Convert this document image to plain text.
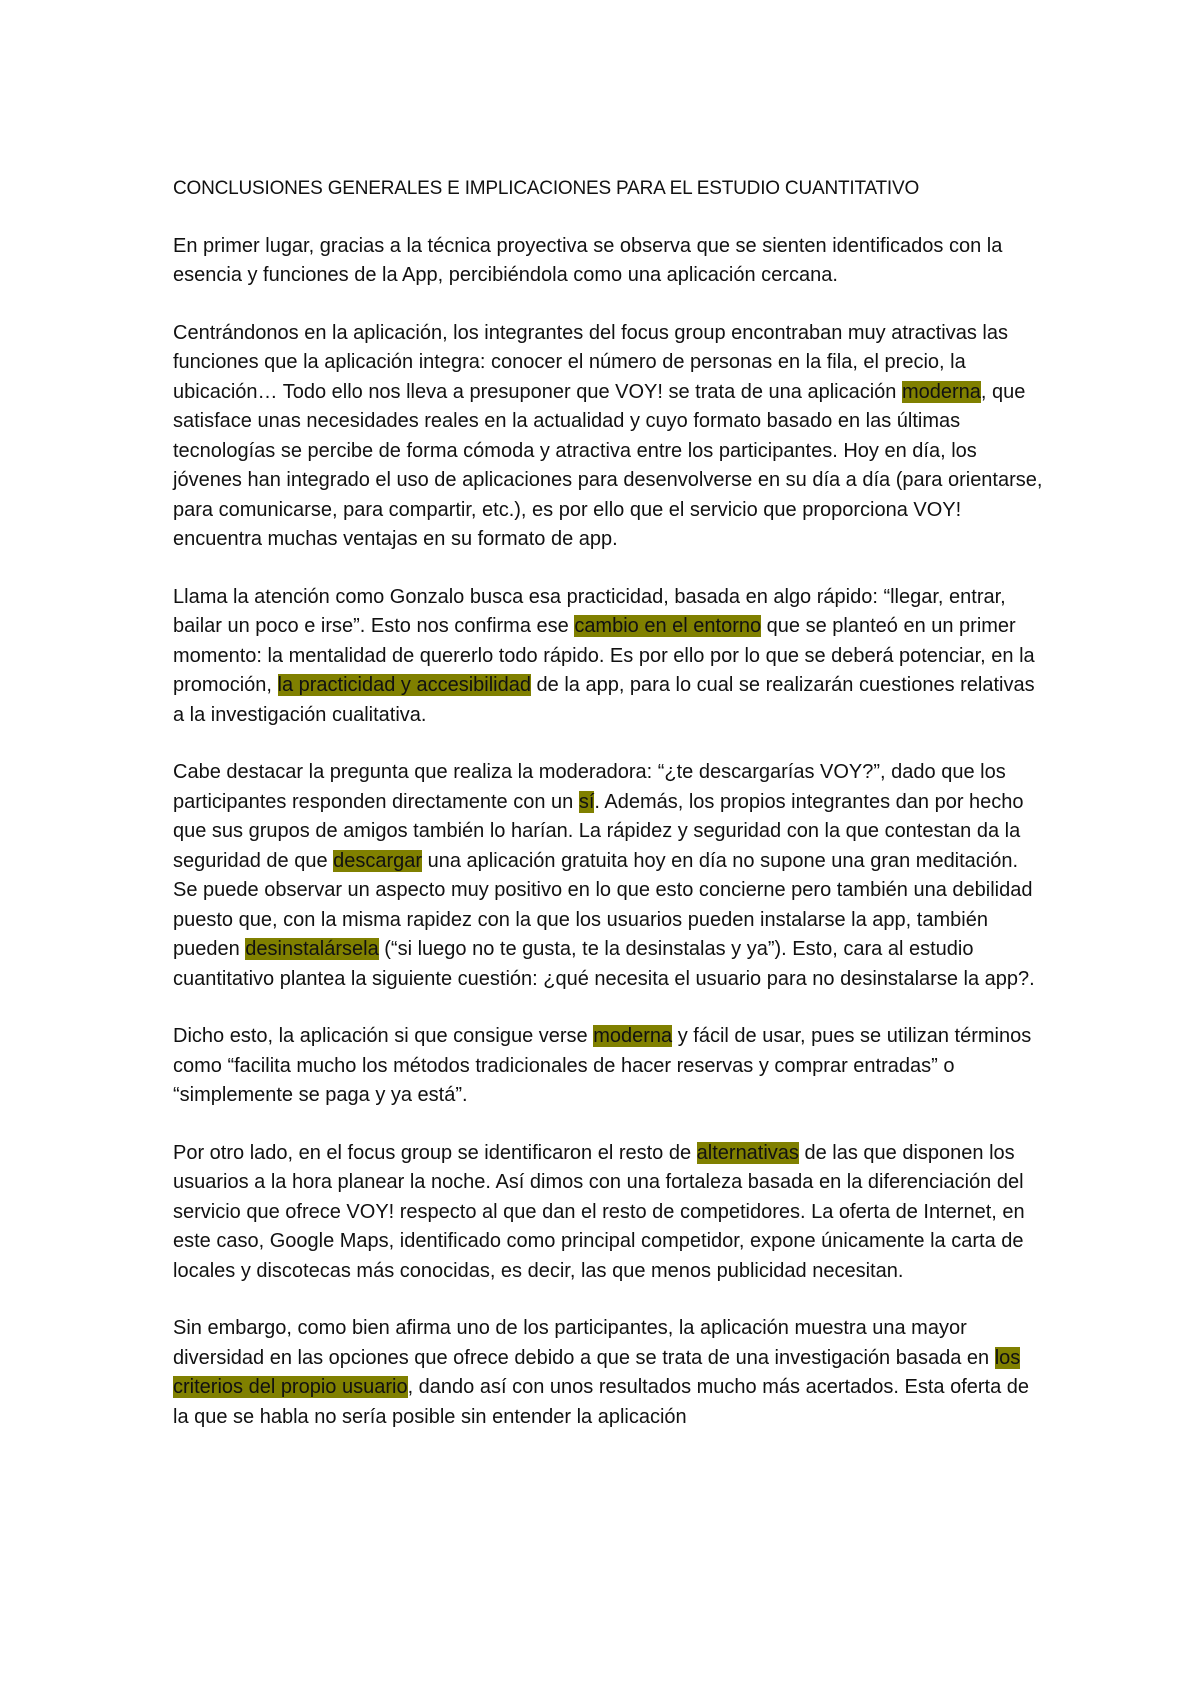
CONCLUSIONES GENERALES E IMPLICACIONES PARA EL ESTUDIO CUANTITATIVO

En primer lugar, gracias a la técnica proyectiva se observa que se sienten identificados con la esencia y funciones de la App, percibiéndola como una aplicación cercana.

Centrándonos en la aplicación, los integrantes del focus group encontraban muy atractivas las funciones que la aplicación integra: conocer el número de personas en la fila, el precio, la ubicación… Todo ello nos lleva a presuponer que VOY! se trata de una aplicación moderna, que satisface unas necesidades reales en la actualidad y cuyo formato basado en las últimas tecnologías se percibe de forma cómoda y atractiva entre los participantes. Hoy en día, los jóvenes han integrado el uso de aplicaciones para desenvolverse en su día a día (para orientarse, para comunicarse, para compartir, etc.), es por ello que el servicio que proporciona VOY! encuentra muchas ventajas en su formato de app.

Llama la atención como Gonzalo busca esa practicidad, basada en algo rápido: “llegar, entrar, bailar un poco e irse”. Esto nos confirma ese cambio en el entorno que se planteó en un primer momento: la mentalidad de quererlo todo rápido. Es por ello por lo que se deberá potenciar, en la promoción, la practicidad y accesibilidad de la app, para lo cual se realizarán cuestiones relativas a la investigación cualitativa.

Cabe destacar la pregunta que realiza la moderadora: “¿te descargarías VOY?”, dado que los participantes responden directamente con un sí. Además, los propios integrantes dan por hecho que sus grupos de amigos también lo harían. La rápidez y seguridad con la que contestan da la seguridad de que descargar una aplicación gratuita hoy en día no supone una gran meditación. Se puede observar un aspecto muy positivo en lo que esto concierne pero también una debilidad puesto que, con la misma rapidez con la que los usuarios pueden instalarse la app, también pueden desinstalársela (“si luego no te gusta, te la desinstalas y ya”). Esto, cara al estudio cuantitativo plantea la siguiente cuestión: ¿qué necesita el usuario para no desinstalarse la app?.

Dicho esto, la aplicación si que consigue verse moderna y fácil de usar, pues se utilizan términos como “facilita mucho los métodos tradicionales de hacer reservas y comprar entradas” o “simplemente se paga y ya está”.

Por otro lado, en el focus group se identificaron el resto de alternativas de las que disponen los usuarios a la hora planear la noche. Así dimos con una fortaleza basada en la diferenciación del servicio que ofrece VOY! respecto al que dan el resto de competidores. La oferta de Internet, en este caso, Google Maps, identificado como principal competidor, expone únicamente la carta de locales y discotecas más conocidas, es decir, las que menos publicidad necesitan.

Sin embargo, como bien afirma uno de los participantes, la aplicación muestra una mayor diversidad en las opciones que ofrece debido a que se trata de una investigación basada en los criterios del propio usuario, dando así con unos resultados mucho más acertados. Esta oferta de la que se habla no sería posible sin entender la aplicación
